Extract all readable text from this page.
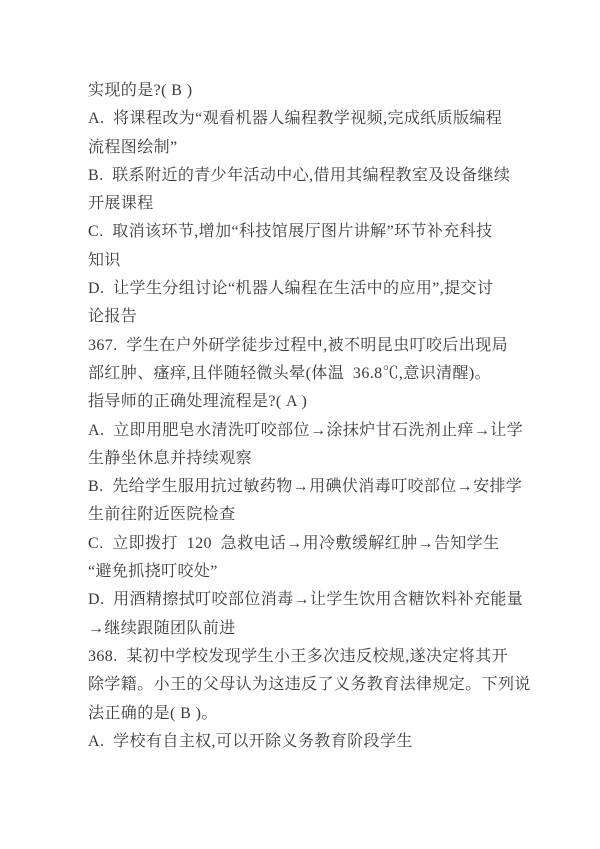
实现的是?( B )
A.  将课程改为“观看机器人编程教学视频,完成纸质版编程
流程图绘制”
B.  联系附近的青少年活动中心,借用其编程教室及设备继续
开展课程
C.  取消该环节,增加“科技馆展厅图片讲解”环节补充科技
知识
D.  让学生分组讨论“机器人编程在生活中的应用”,提交讨
论报告
367.  学生在户外研学徒步过程中,被不明昆虫叮咬后出现局
部红肿、瘙痒,且伴随轻微头晕(体温  36.8℃,意识清醒)。
指导师的正确处理流程是?( A )
A.  立即用肥皂水清洗叮咬部位→涂抹炉甘石洗剂止痒→让学
生静坐休息并持续观察
B.  先给学生服用抗过敏药物→用碘伏消毒叮咬部位→安排学
生前往附近医院检查
C.  立即拨打  120  急救电话→用冷敷缓解红肿→告知学生
“避免抓挠叮咬处”
D.  用酒精擦拭叮咬部位消毒→让学生饮用含糖饮料补充能量
→继续跟随团队前进
368.  某初中学校发现学生小王多次违反校规,遂决定将其开
除学籍。小王的父母认为这违反了义务教育法律规定。下列说
法正确的是( B )。
A.  学校有自主权,可以开除义务教育阶段学生
